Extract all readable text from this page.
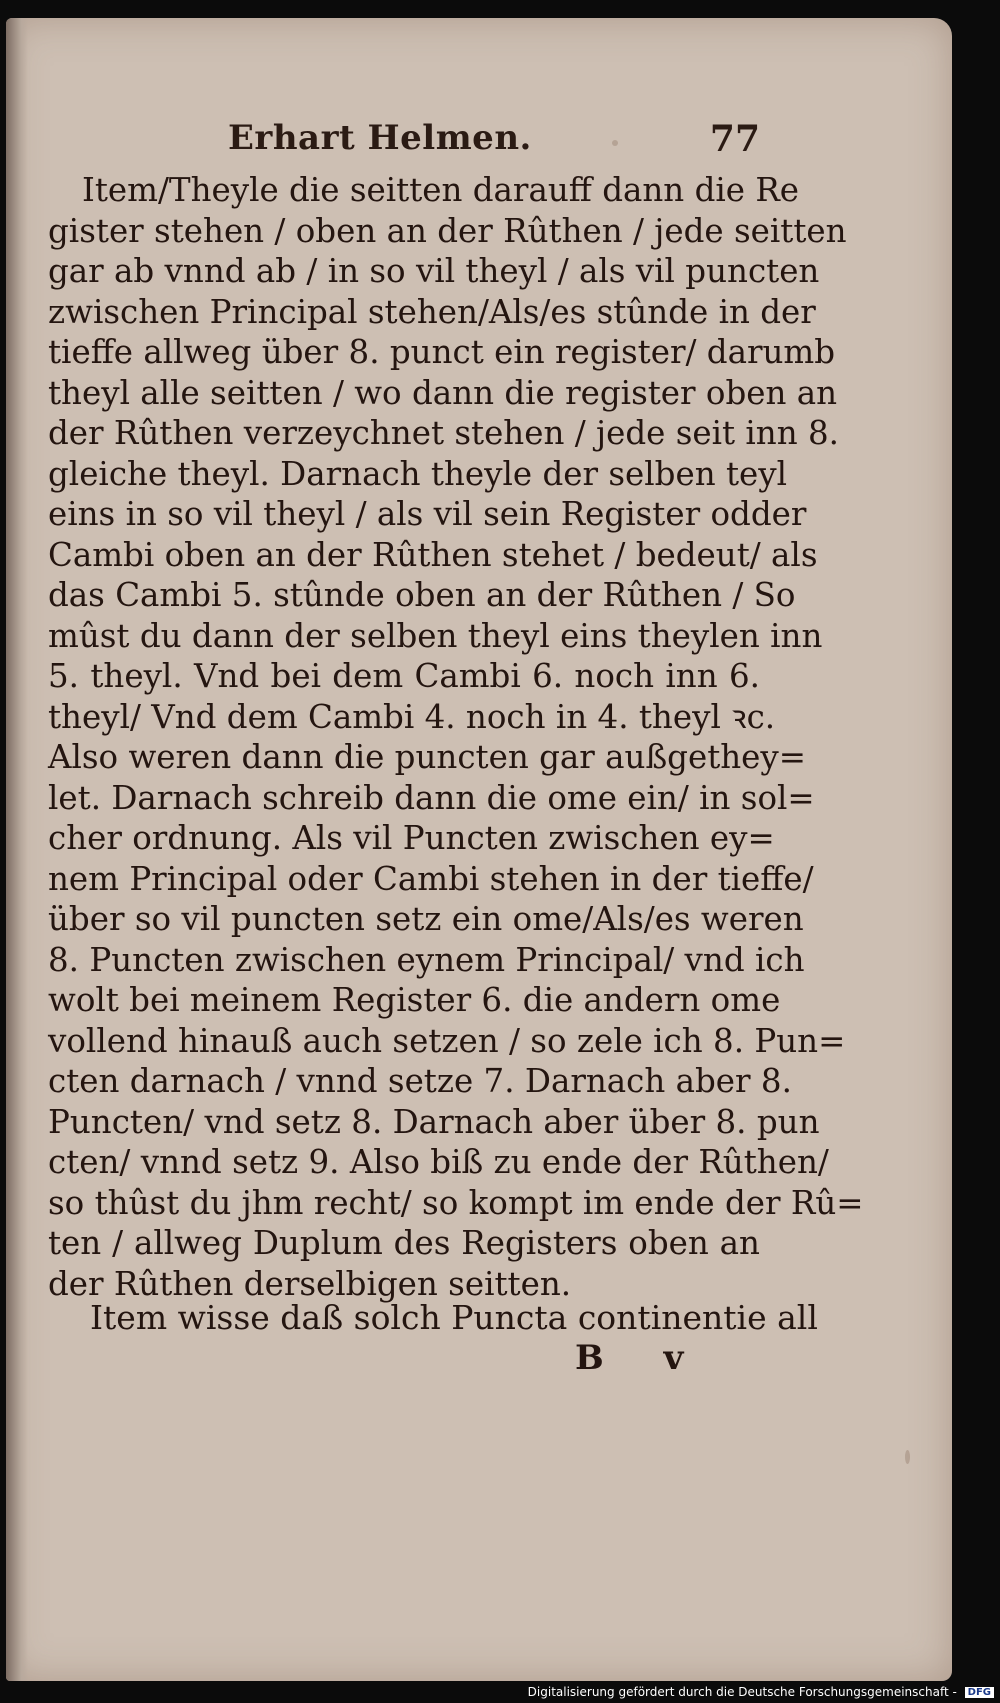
Erhart Helmen.	77
Item/Theyle die seitten darauff dann die Re
gister stehen / oben an der Rûthen / jede seitten
gar ab vnnd ab / in so vil theyl / als vil puncten
zwischen Principal stehen/Als/es stûnde in der
tieffe allweg über 8. punct ein register/ darumb
theyl alle seitten / wo dann die register oben an
der Rûthen verzeychnet stehen / jede seit inn 8.
gleiche theyl. Darnach theyle der selben teyl
eins in so vil theyl / als vil sein Register odder
Cambi oben an der Rûthen stehet / bedeut/ als
das Cambi 5. stûnde oben an der Rûthen / So
mûst du dann der selben theyl eins theylen inn
5. theyl. Vnd bei dem Cambi 6. noch inn 6.
theyl/ Vnd dem Cambi 4. noch in 4. theyl ꝛc.
Also weren dann die puncten gar außgethey=
let. Darnach schreib dann die ome ein/ in sol=
cher ordnung. Als vil Puncten zwischen ey=
nem Principal oder Cambi stehen in der tieffe/
über so vil puncten setz ein ome/Als/es weren
8. Puncten zwischen eynem Principal/ vnd ich
wolt bei meinem Register 6. die andern ome
vollend hinauß auch setzen / so zele ich 8. Pun=
cten darnach / vnnd setze 7. Darnach aber 8.
Puncten/ vnd setz 8. Darnach aber über 8. pun
cten/ vnnd setz 9. Also biß zu ende der Rûthen/
so thûst du jhm recht/ so kompt im ende der Rû=
ten / allweg Duplum des Registers oben an
der Rûthen derselbigen seitten.
Item wisse daß solch Puncta continentie all
B v
Digitalisierung gefördert durch die Deutsche Forschungsgemeinschaft - DFG
